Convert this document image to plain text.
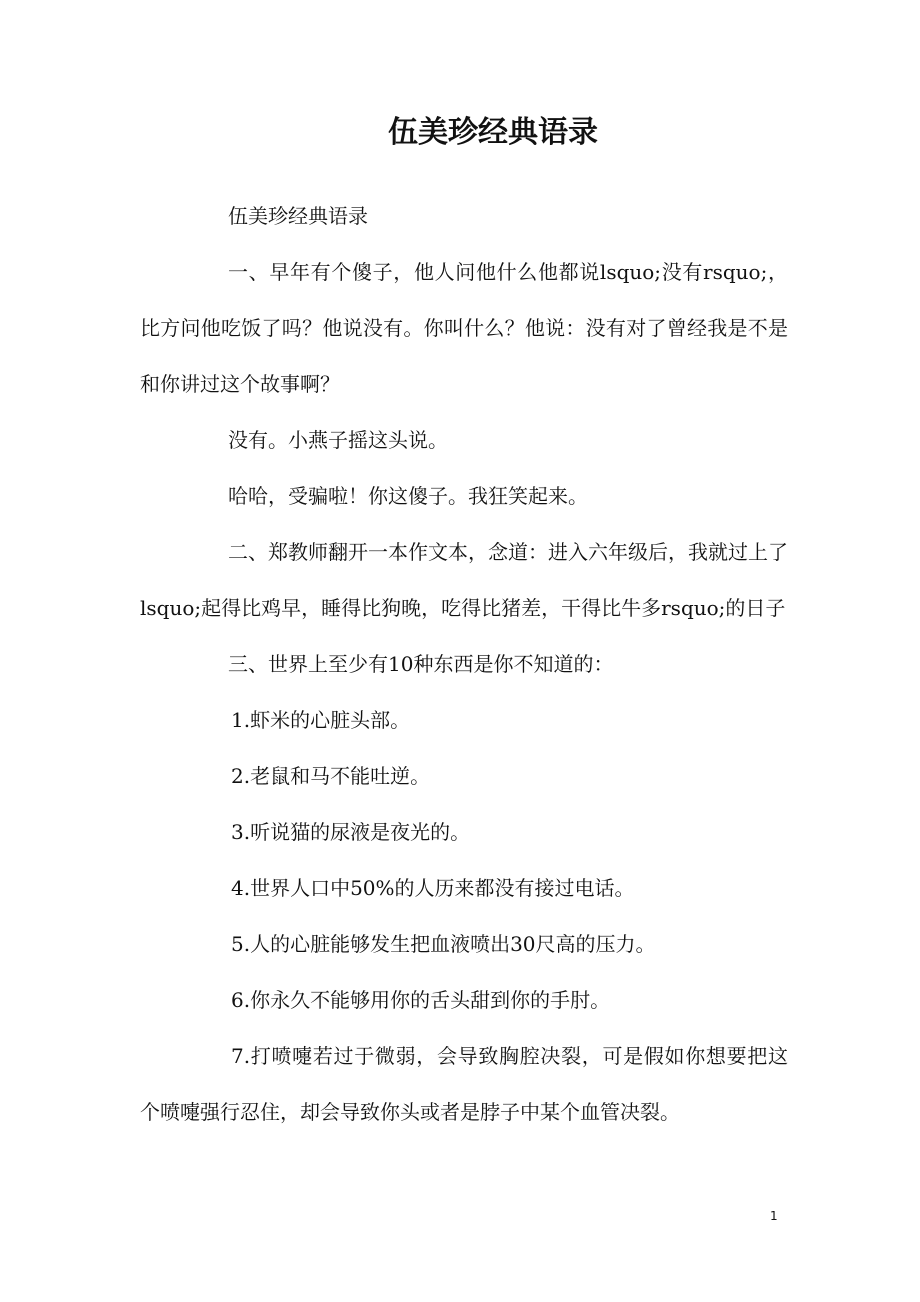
伍美珍经典语录

伍美珍经典语录

一、早年有个傻子，他人问他什么他都说lsquo;没有rsquo;，比方问他吃饭了吗？他说没有。你叫什么？他说：没有对了曾经我是不是和你讲过这个故事啊？

没有。小燕子摇这头说。

哈哈，受骗啦！你这傻子。我狂笑起来。

二、郑教师翻开一本作文本，念道：进入六年级后，我就过上了lsquo;起得比鸡早，睡得比狗晚，吃得比猪差，干得比牛多rsquo;的日子

三、世界上至少有10种东西是你不知道的：

1.虾米的心脏头部。

2.老鼠和马不能吐逆。

3.听说猫的尿液是夜光的。

4.世界人口中50%的人历来都没有接过电话。

5.人的心脏能够发生把血液喷出30尺高的压力。

6.你永久不能够用你的舌头甜到你的手肘。

7.打喷嚏若过于微弱，会导致胸腔决裂，可是假如你想要把这个喷嚏强行忍住，却会导致你头或者是脖子中某个血管决裂。

1
